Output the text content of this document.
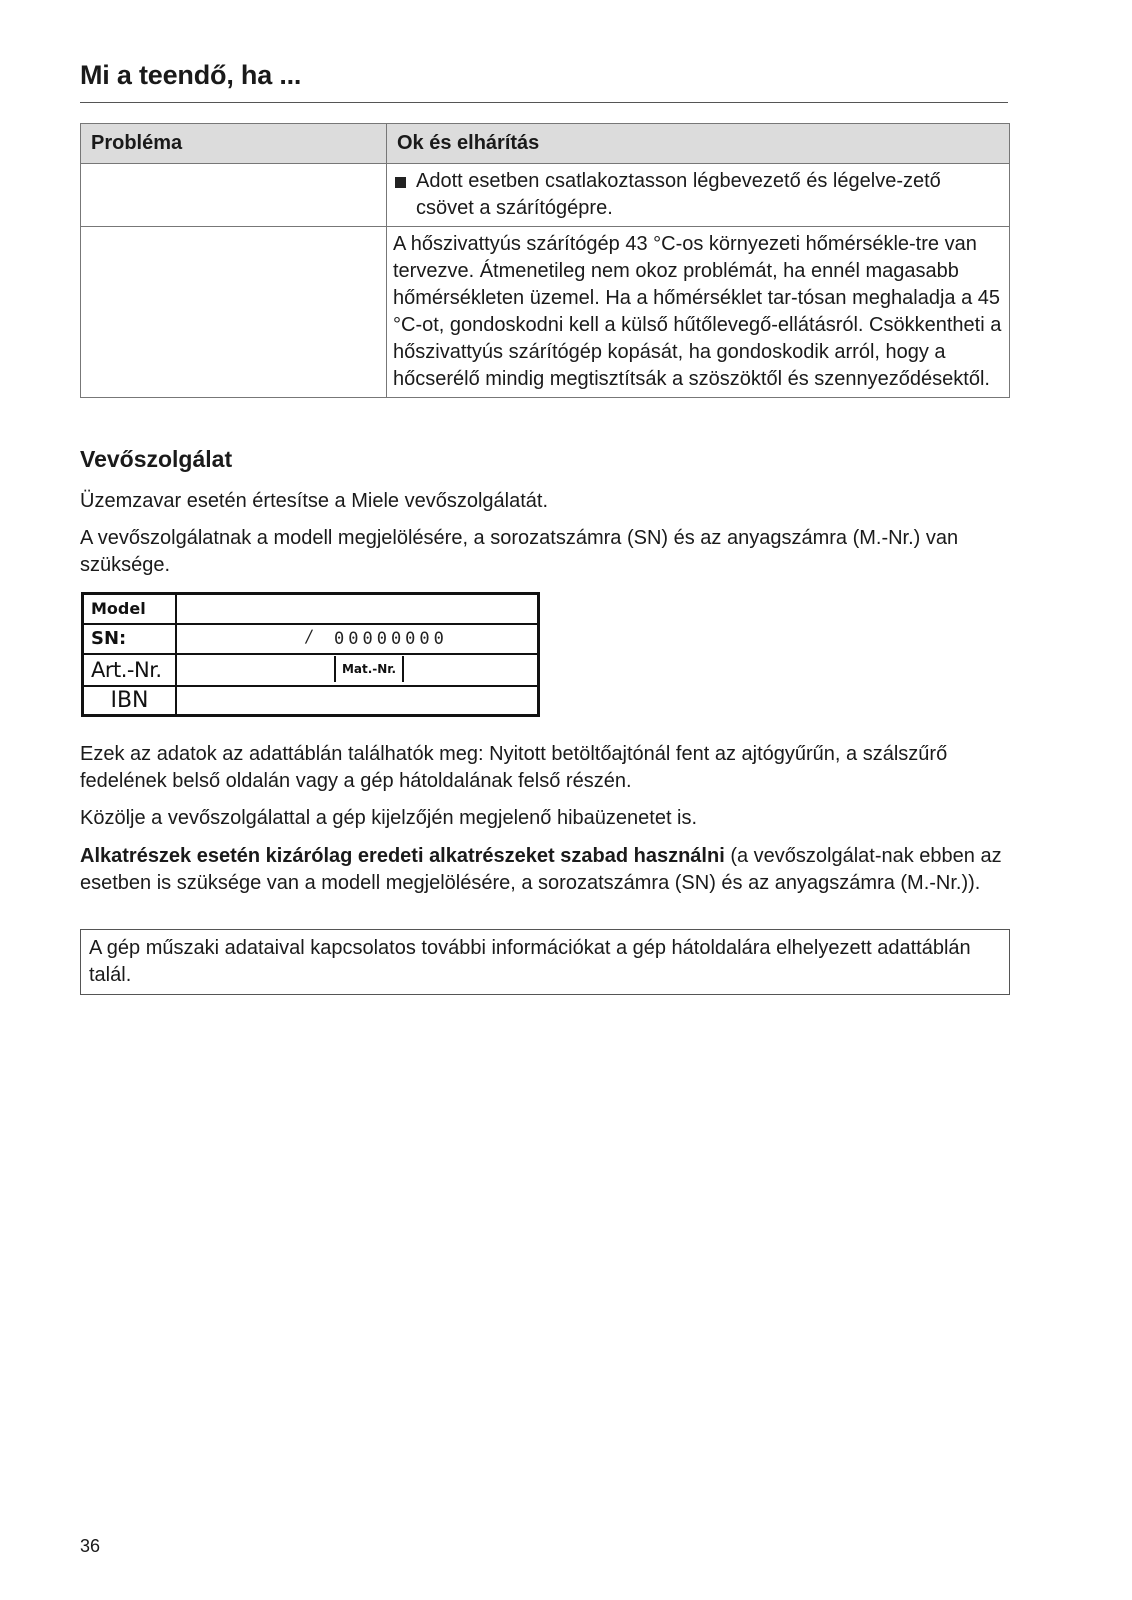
Mi a teendő, ha ...
Probléma	Ok és elhárítás

	Adott esetben csatlakoztasson légbevezető és légelve-zető csövet a szárítógépre.

	A hőszivattyús szárítógép 43 °C-os környezeti hőmérsékle-tre van tervezve. Átmenetileg nem okoz problémát, ha ennél magasabb hőmérsékleten üzemel. Ha a hőmérséklet tar-tósan meghaladja a 45 °C-ot, gondoskodni kell a külső hűtőlevegő-ellátásról. Csökkentheti a hőszivattyús szárítógép kopását, ha gondoskodik arról, hogy a hőcserélő mindig megtisztítsák a szöszöktől és szennyeződésektől.
Vevőszolgálat

Üzemzavar esetén értesítse a Miele vevőszolgálatát.

A vevőszolgálatnak a modell megjelölésére, a sorozatszámra (SN) és az anyagszámra (M.-Nr.) van szüksége.

Model
SN:	/ 00000000
Art.-Nr.	Mat.-Nr.
IBN

Ezek az adatok az adattáblán találhatók meg: Nyitott betöltőajtónál fent az ajtógyűrűn, a szálszűrő fedelének belső oldalán vagy a gép hátoldalának felső részén.

Közölje a vevőszolgálattal a gép kijelzőjén megjelenő hibaüzenetet is.

Alkatrészek esetén kizárólag eredeti alkatrészeket szabad használni (a vevőszolgálat-nak ebben az esetben is szüksége van a modell megjelölésére, a sorozatszámra (SN) és az anyagszámra (M.-Nr.)).

A gép műszaki adataival kapcsolatos további információkat a gép hátoldalára elhelyezett adattáblán talál.
36
